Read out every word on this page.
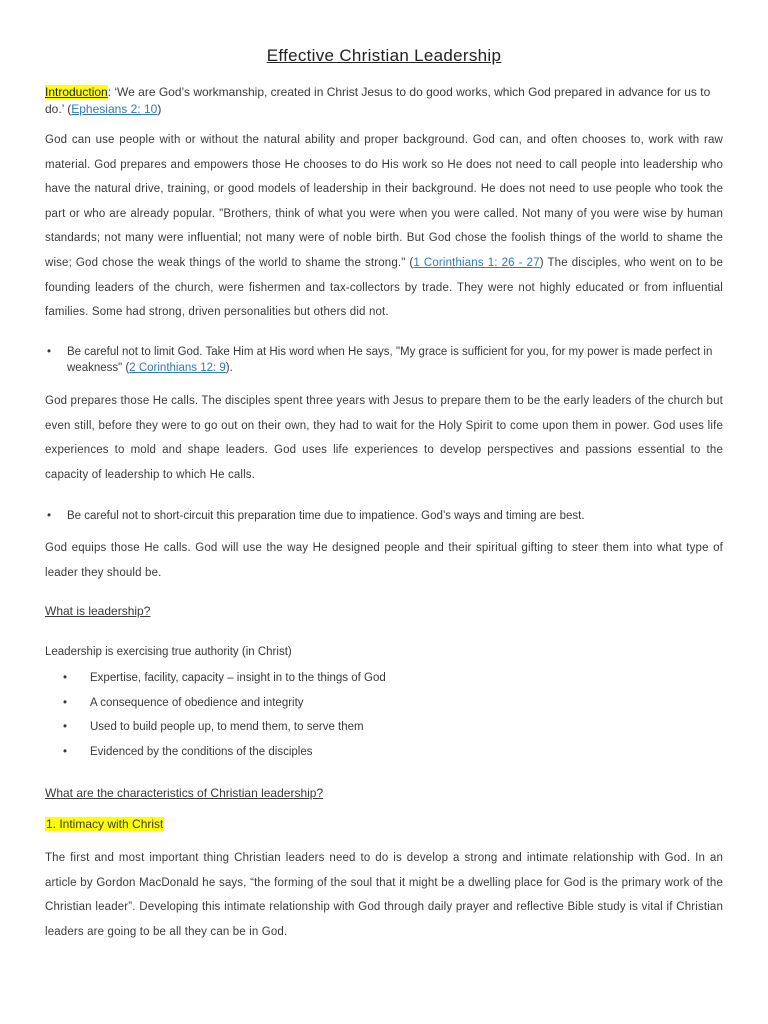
Effective Christian Leadership
Introduction: ‘We are God’s workmanship, created in Christ Jesus to do good works, which God prepared in advance for us to do.’ (Ephesians 2: 10)
God can use people with or without the natural ability and proper background. God can, and often chooses to, work with raw material. God prepares and empowers those He chooses to do His work so He does not need to call people into leadership who have the natural drive, training, or good models of leadership in their background. He does not need to use people who took the part or who are already popular. "Brothers, think of what you were when you were called. Not many of you were wise by human standards; not many were influential; not many were of noble birth. But God chose the foolish things of the world to shame the wise; God chose the weak things of the world to shame the strong." (1 Corinthians 1: 26 - 27) The disciples, who went on to be founding leaders of the church, were fishermen and tax-collectors by trade. They were not highly educated or from influential families. Some had strong, driven personalities but others did not.
• Be careful not to limit God. Take Him at His word when He says, "My grace is sufficient for you, for my power is made perfect in weakness" (2 Corinthians 12: 9).
God prepares those He calls. The disciples spent three years with Jesus to prepare them to be the early leaders of the church but even still, before they were to go out on their own, they had to wait for the Holy Spirit to come upon them in power. God uses life experiences to mold and shape leaders. God uses life experiences to develop perspectives and passions essential to the capacity of leadership to which He calls.
• Be careful not to short-circuit this preparation time due to impatience. God’s ways and timing are best.
God equips those He calls. God will use the way He designed people and their spiritual gifting to steer them into what type of leader they should be.
What is leadership?
Leadership is exercising true authority (in Christ)
• Expertise, facility, capacity – insight in to the things of God
• A consequence of obedience and integrity
• Used to build people up, to mend them, to serve them
• Evidenced by the conditions of the disciples
What are the characteristics of Christian leadership?
1. Intimacy with Christ
The first and most important thing Christian leaders need to do is develop a strong and intimate relationship with God. In an article by Gordon MacDonald he says, “the forming of the soul that it might be a dwelling place for God is the primary work of the Christian leader”. Developing this intimate relationship with God through daily prayer and reflective Bible study is vital if Christian leaders are going to be all they can be in God.
